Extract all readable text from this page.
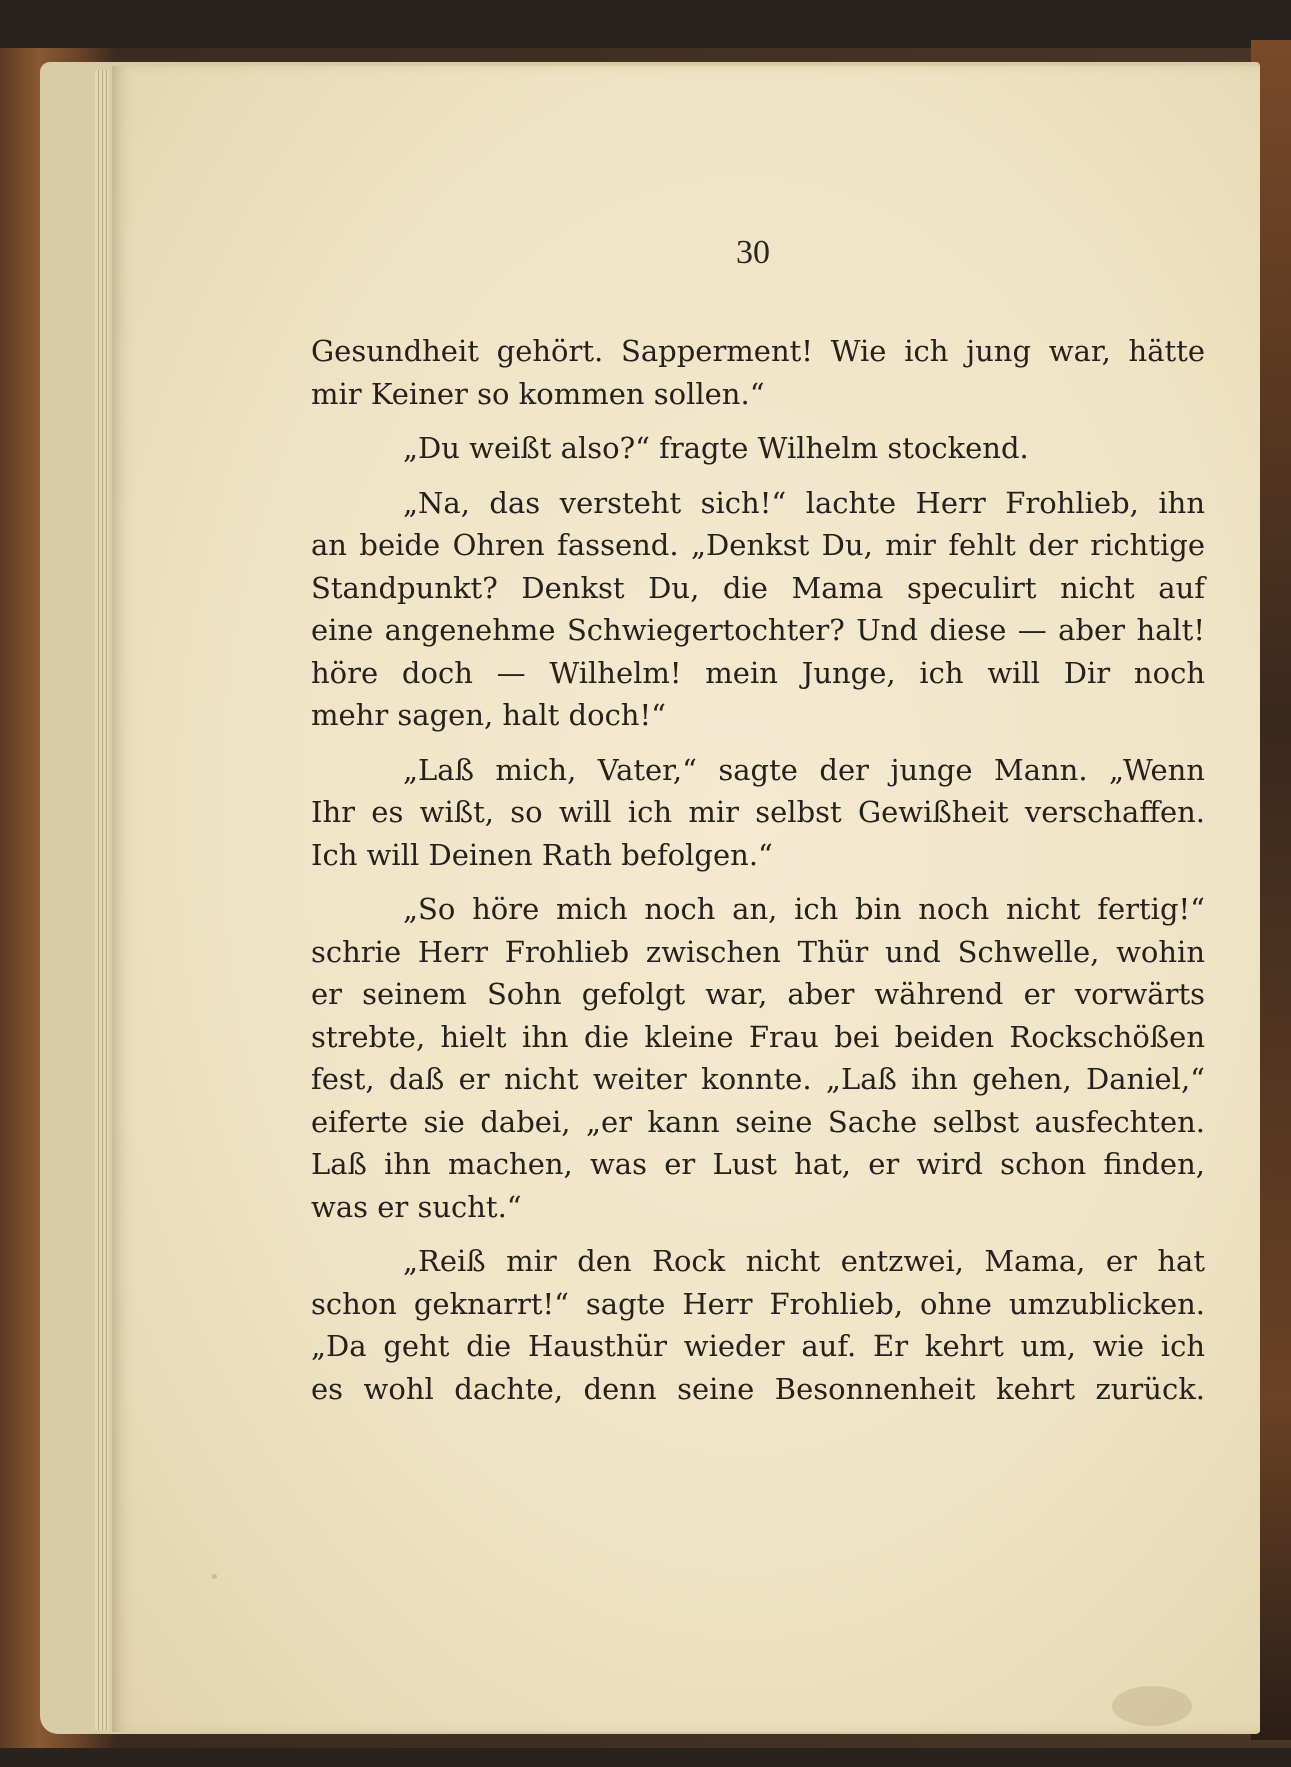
30
Gesundheit gehört. Sapperment! Wie ich jung war, hätte
mir Keiner so kommen sollen.“
„Du weißt also?“ fragte Wilhelm stockend.
„Na, das versteht sich!“ lachte Herr Frohlieb, ihn
an beide Ohren fassend. „Denkst Du, mir fehlt der richtige
Standpunkt? Denkst Du, die Mama speculirt nicht auf
eine angenehme Schwiegertochter? Und diese — aber halt!
höre doch — Wilhelm! mein Junge, ich will Dir noch
mehr sagen, halt doch!“
„Laß mich, Vater,“ sagte der junge Mann. „Wenn
Ihr es wißt, so will ich mir selbst Gewißheit verschaffen.
Ich will Deinen Rath befolgen.“
„So höre mich noch an, ich bin noch nicht fertig!“
schrie Herr Frohlieb zwischen Thür und Schwelle, wohin
er seinem Sohn gefolgt war, aber während er vorwärts
strebte, hielt ihn die kleine Frau bei beiden Rockschößen
fest, daß er nicht weiter konnte. „Laß ihn gehen, Daniel,“
eiferte sie dabei, „er kann seine Sache selbst ausfechten.
Laß ihn machen, was er Lust hat, er wird schon finden,
was er sucht.“
„Reiß mir den Rock nicht entzwei, Mama, er hat
schon geknarrt!“ sagte Herr Frohlieb, ohne umzublicken.
„Da geht die Hausthür wieder auf. Er kehrt um, wie ich
es wohl dachte, denn seine Besonnenheit kehrt zurück.
